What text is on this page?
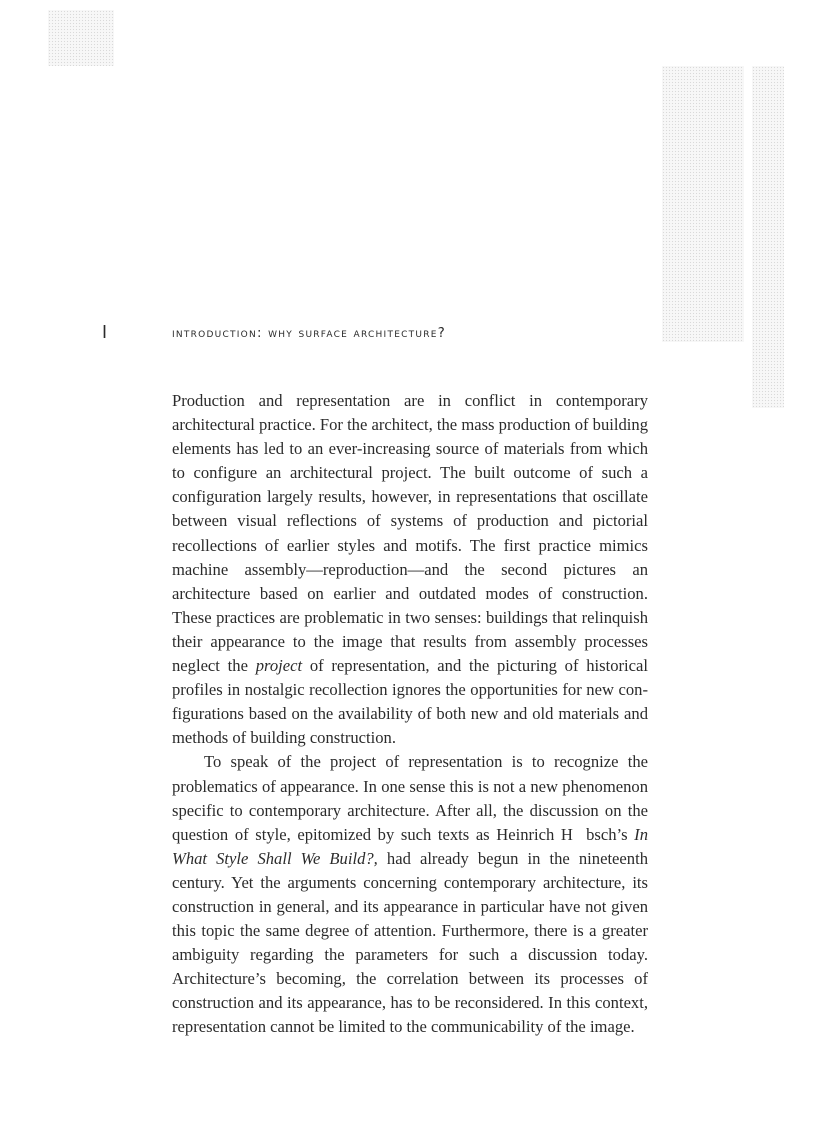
I	introduction: why surface architecture?

Production and representation are in conflict in contemporary architectural practice. For the architect, the mass production of building elements has led to an ever-increasing source of materials from which to configure an architectural project. The built outcome of such a configuration largely results, however, in representations that oscillate between visual reflections of systems of production and pictorial recollections of earlier styles and motifs. The first practice mimics machine assembly—reproduction—and the second pictures an architecture based on earlier and outdated modes of construction. These practices are problematic in two senses: buildings that relinquish their appearance to the image that results from assembly processes neglect the project of representation, and the picturing of historical profiles in nostalgic recollection ignores the opportunities for new configurations based on the availability of both new and old materials and methods of building construction.

To speak of the project of representation is to recognize the problematics of appearance. In one sense this is not a new phenomenon specific to contemporary architecture. After all, the discussion on the question of style, epitomized by such texts as Heinrich H  bsch’s In What Style Shall We Build?, had already begun in the nineteenth century. Yet the arguments concerning contemporary architecture, its construction in general, and its appearance in particular have not given this topic the same degree of attention. Furthermore, there is a greater ambiguity regarding the parameters for such a discussion today. Architecture’s becoming, the correlation between its processes of construction and its appearance, has to be reconsidered. In this context, representation cannot be limited to the communicability of the image.
